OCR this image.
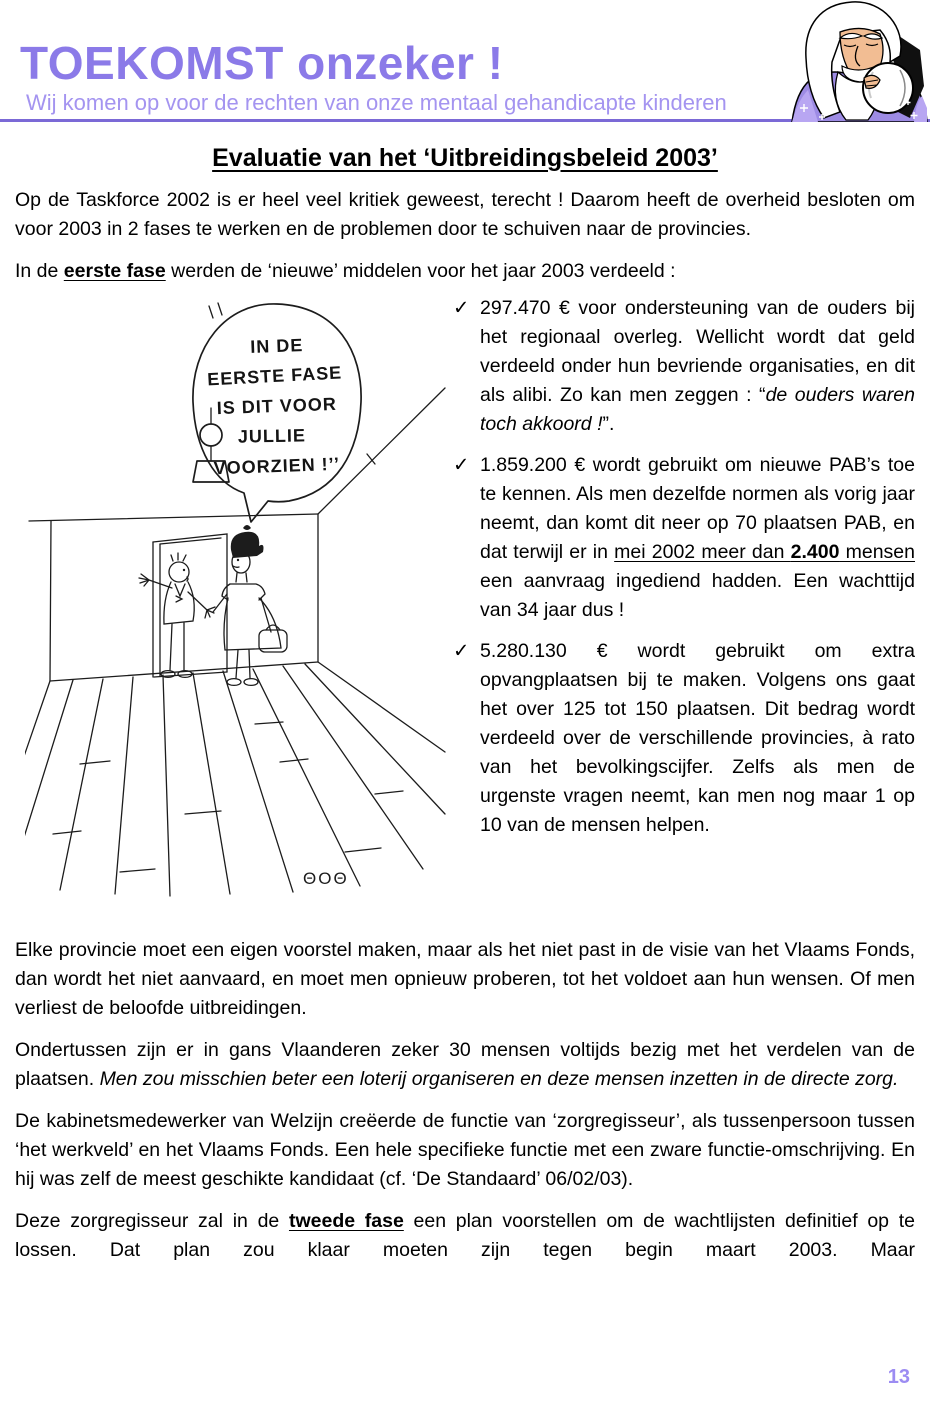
TOEKOMST onzeker !
Wij komen op voor de rechten van onze mentaal gehandicapte kinderen
Evaluatie van het ‘Uitbreidingsbeleid 2003’

Op de Taskforce 2002 is er heel veel kritiek geweest, terecht ! Daarom heeft de overheid besloten om voor 2003 in 2 fases te werken en de problemen door te schuiven naar de provincies.

In de eerste fase werden de ‘nieuwe’ middelen voor het jaar 2003 verdeeld :

IN DE
EERSTE FASE
IS DIT VOOR
JULLIE
VOORZIEN !’’
ΘOΘ
✓ 297.470 € voor ondersteuning van de ouders bij het regionaal overleg. Wellicht wordt dat geld verdeeld onder hun bevriende organisaties, en dit als alibi. Zo kan men zeggen : “de ouders waren toch akkoord !”.
✓ 1.859.200 € wordt gebruikt om nieuwe PAB’s toe te kennen. Als men dezelfde normen als vorig jaar neemt, dan komt dit neer op 70 plaatsen PAB, en dat terwijl er in mei 2002 meer dan 2.400 mensen een aanvraag ingediend hadden. Een wachttijd van 34 jaar dus !
✓ 5.280.130 € wordt gebruikt om extra opvangplaatsen bij te maken. Volgens ons gaat het over 125 tot 150 plaatsen. Dit bedrag wordt verdeeld over de verschillende provincies, à rato van het bevolkingscijfer. Zelfs als men de urgenste vragen neemt, kan men nog maar 1 op 10 van de mensen helpen.

Elke provincie moet een eigen voorstel maken, maar als het niet past in de visie van het Vlaams Fonds, dan wordt het niet aanvaard, en moet men opnieuw proberen, tot het voldoet aan hun wensen. Of men verliest de beloofde uitbreidingen.

Ondertussen zijn er in gans Vlaanderen zeker 30 mensen voltijds bezig met het verdelen van de plaatsen. Men zou misschien beter een loterij organiseren en deze mensen inzetten in de directe zorg.

De kabinetsmedewerker van Welzijn creëerde de functie van ‘zorgregisseur’, als tussenpersoon tussen ‘het werkveld’ en het Vlaams Fonds. Een hele specifieke functie met een zware functie-omschrijving. En hij was zelf de meest geschikte kandidaat (cf. ‘De Standaard’ 06/02/03).

Deze zorgregisseur zal in de tweede fase een plan voorstellen om de wachtlijsten definitief op te lossen. Dat plan zou klaar moeten zijn tegen begin maart 2003. Maar

13
